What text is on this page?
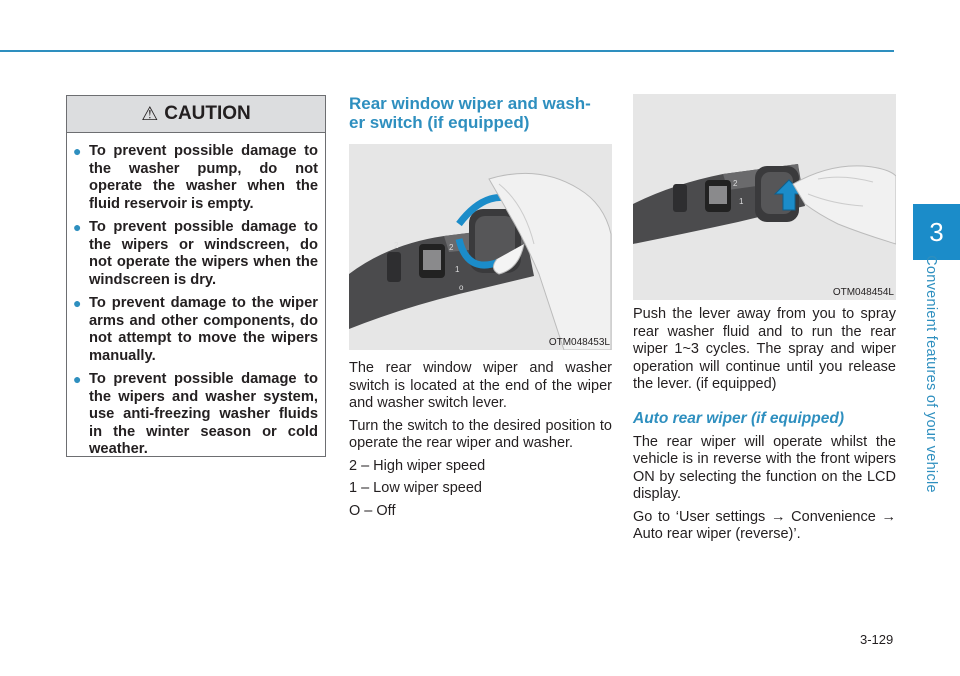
3
Convenient features of your vehicle
⚠ CAUTION
● To prevent possible damage to the washer pump, do not operate the washer when the fluid reservoir is empty.
● To prevent possible damage to the wipers or windscreen, do not operate the wipers when the windscreen is dry.
● To prevent damage to the wiper arms and other components, do not attempt to move the wipers manually.
● To prevent possible damage to the wipers and washer system, use anti-freezing washer fluids in the winter season or cold weather.
Rear window wiper and wash-
er switch (if equipped)
2	2
1
o
OTM048453L

The rear window wiper and washer switch is located at the end of the wiper and washer switch lever.

Turn the switch to the desired position to operate the rear wiper and washer.

2 – High wiper speed

1 – Low wiper speed

O – Off

2
1
OTM048454L

Push the lever away from you to spray rear washer fluid and to run the rear wiper 1~3 cycles. The spray and wiper operation will continue until you release the lever. (if equipped)

Auto rear wiper (if equipped)

The rear wiper will operate whilst the vehicle is in reverse with the front wipers ON by selecting the function on the LCD display.

Go to ‘User settings → Convenience → Auto rear wiper (reverse)’.

3-129
